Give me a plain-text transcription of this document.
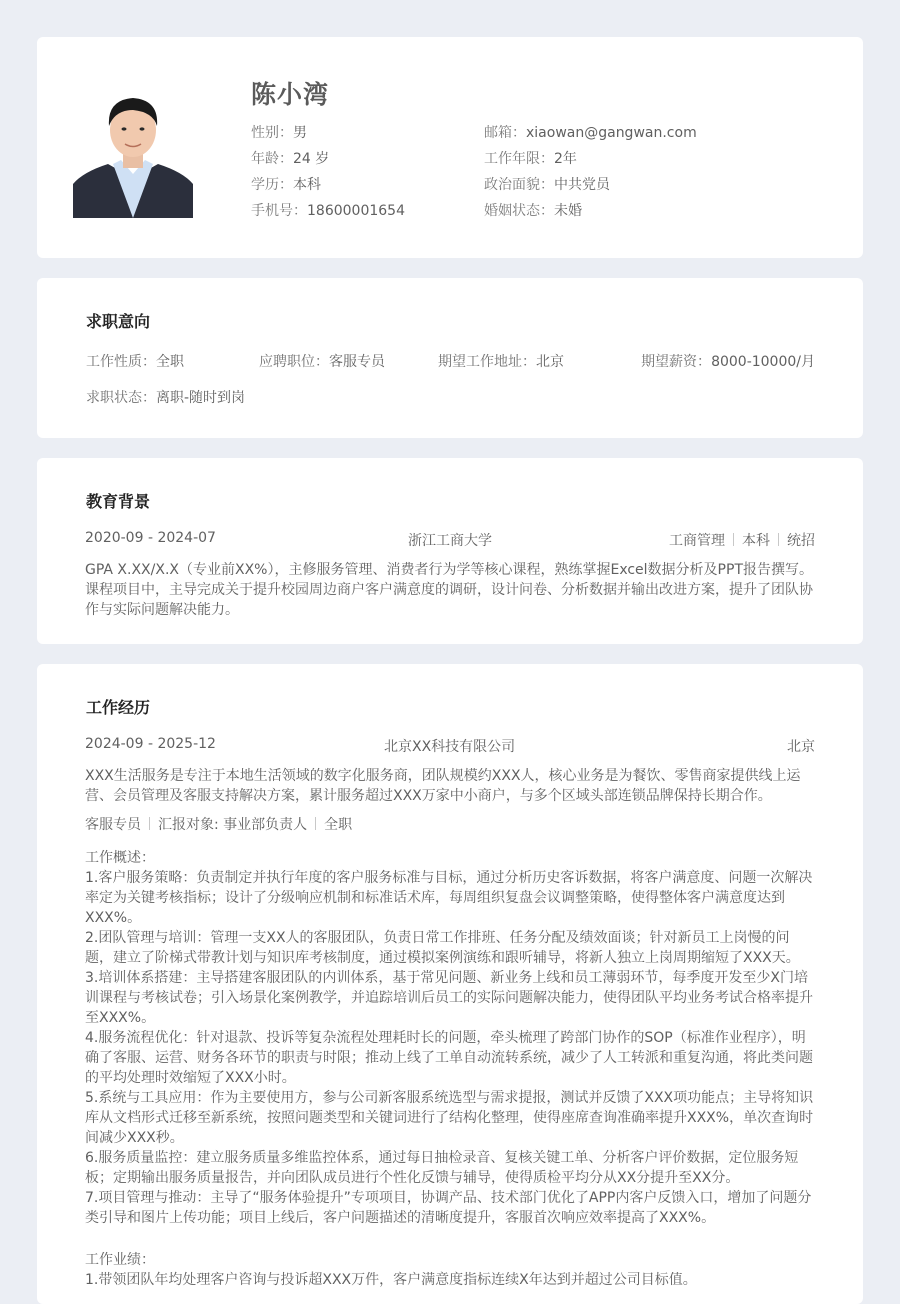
陈小湾
性别：男
年龄：24 岁
学历：本科
手机号：18600001654
邮箱：xiaowan@gangwan.com
工作年限：2年
政治面貌：中共党员
婚姻状态：未婚
求职意向
工作性质：全职	应聘职位：客服专员	期望工作地址：北京	期望薪资：8000-10000/月
求职状态：离职-随时到岗
教育背景
2020-09 - 2024-07	浙江工商大学	工商管理 本科 统招

GPA X.XX/X.X（专业前XX%），主修服务管理、消费者行为学等核心课程，熟练掌握Excel数据分析及PPT报告撰写。课程项目中，主导完成关于提升校园周边商户客户满意度的调研，设计问卷、分析数据并输出改进方案，提升了团队协作与实际问题解决能力。

工作经历
2024-09 - 2025-12	北京XX科技有限公司	北京

XXX生活服务是专注于本地生活领域的数字化服务商，团队规模约XXX人，核心业务是为餐饮、零售商家提供线上运营、会员管理及客服支持解决方案，累计服务超过XXX万家中小商户，与多个区域头部连锁品牌保持长期合作。

客服专员 汇报对象: 事业部负责人 全职
工作概述：
1.客户服务策略：负责制定并执行年度的客户服务标准与目标，通过分析历史客诉数据，将客户满意度、问题一次解决率定为关键考核指标；设计了分级响应机制和标准话术库，每周组织复盘会议调整策略，使得整体客户满意度达到XXX%。
2.团队管理与培训：管理一支XX人的客服团队，负责日常工作排班、任务分配及绩效面谈；针对新员工上岗慢的问题，建立了阶梯式带教计划与知识库考核制度，通过模拟案例演练和跟听辅导，将新人独立上岗周期缩短了XXX天。
3.培训体系搭建：主导搭建客服团队的内训体系，基于常见问题、新业务上线和员工薄弱环节，每季度开发至少X门培训课程与考核试卷；引入场景化案例教学，并追踪培训后员工的实际问题解决能力，使得团队平均业务考试合格率提升至XXX%。
4.服务流程优化：针对退款、投诉等复杂流程处理耗时长的问题，牵头梳理了跨部门协作的SOP（标准作业程序），明确了客服、运营、财务各环节的职责与时限；推动上线了工单自动流转系统，减少了人工转派和重复沟通，将此类问题的平均处理时效缩短了XXX小时。
5.系统与工具应用：作为主要使用方，参与公司新客服系统选型与需求提报，测试并反馈了XXX项功能点；主导将知识库从文档形式迁移至新系统，按照问题类型和关键词进行了结构化整理，使得座席查询准确率提升XXX%，单次查询时间减少XXX秒。
6.服务质量监控：建立服务质量多维监控体系，通过每日抽检录音、复核关键工单、分析客户评价数据，定位服务短板；定期输出服务质量报告，并向团队成员进行个性化反馈与辅导，使得质检平均分从XX分提升至XX分。
7.项目管理与推动：主导了“服务体验提升”专项项目，协调产品、技术部门优化了APP内客户反馈入口，增加了问题分类引导和图片上传功能；项目上线后，客户问题描述的清晰度提升，客服首次响应效率提高了XXX%。
工作业绩：
1.带领团队年均处理客户咨询与投诉超XXX万件，客户满意度指标连续X年达到并超过公司目标值。
